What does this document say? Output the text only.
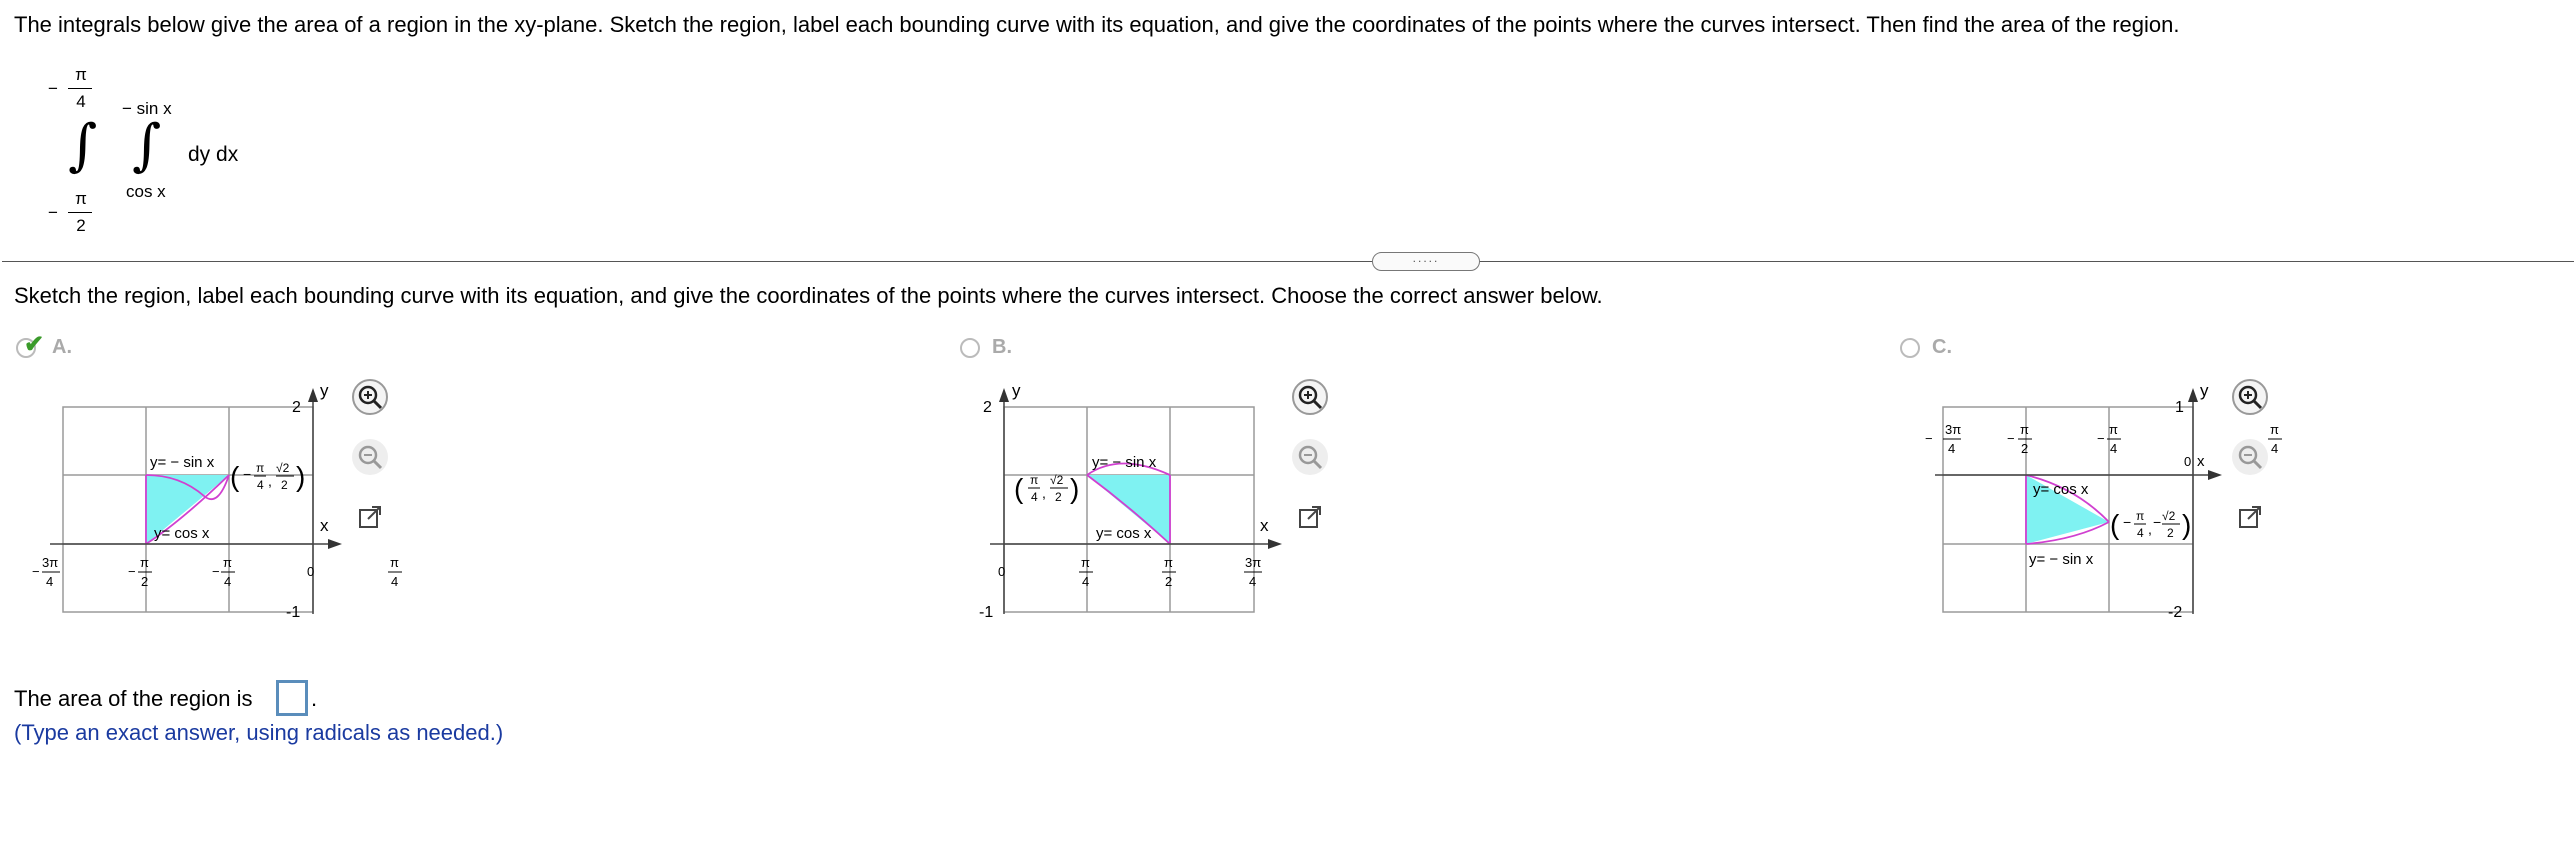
The integrals below give the area of a region in the xy-plane. Sketch the region, label each bounding curve with its equation, and give the coordinates of the points where the curves intersect. Then find the area of the region.
π
4
−
− sin x
∫ ∫ dy dx
cos x
π
2
−
.....
Sketch the region, label each bounding curve with its equation, and give the coordinates of the points where the curves intersect. Choose the correct answer below.
✔ A.	B.	C.
y
x
2
-1
y= − sin x
y= cos x
( − π
4 ,
√2
2 )
−
3π
4
−
π
2
−
π
4
0
π
4
y
x
2
-1
y= − sin x
y= cos x
( π
4 ,
√2
2 )
0
π
4
π
2
3π
4
y
x
1
-2
y= cos x
y= − sin x
( − π
4 , − √2
2 )
−
3π
4
−
π
2
−
π
4
0
π
4
The area of the region is	.
(Type an exact answer, using radicals as needed.)
